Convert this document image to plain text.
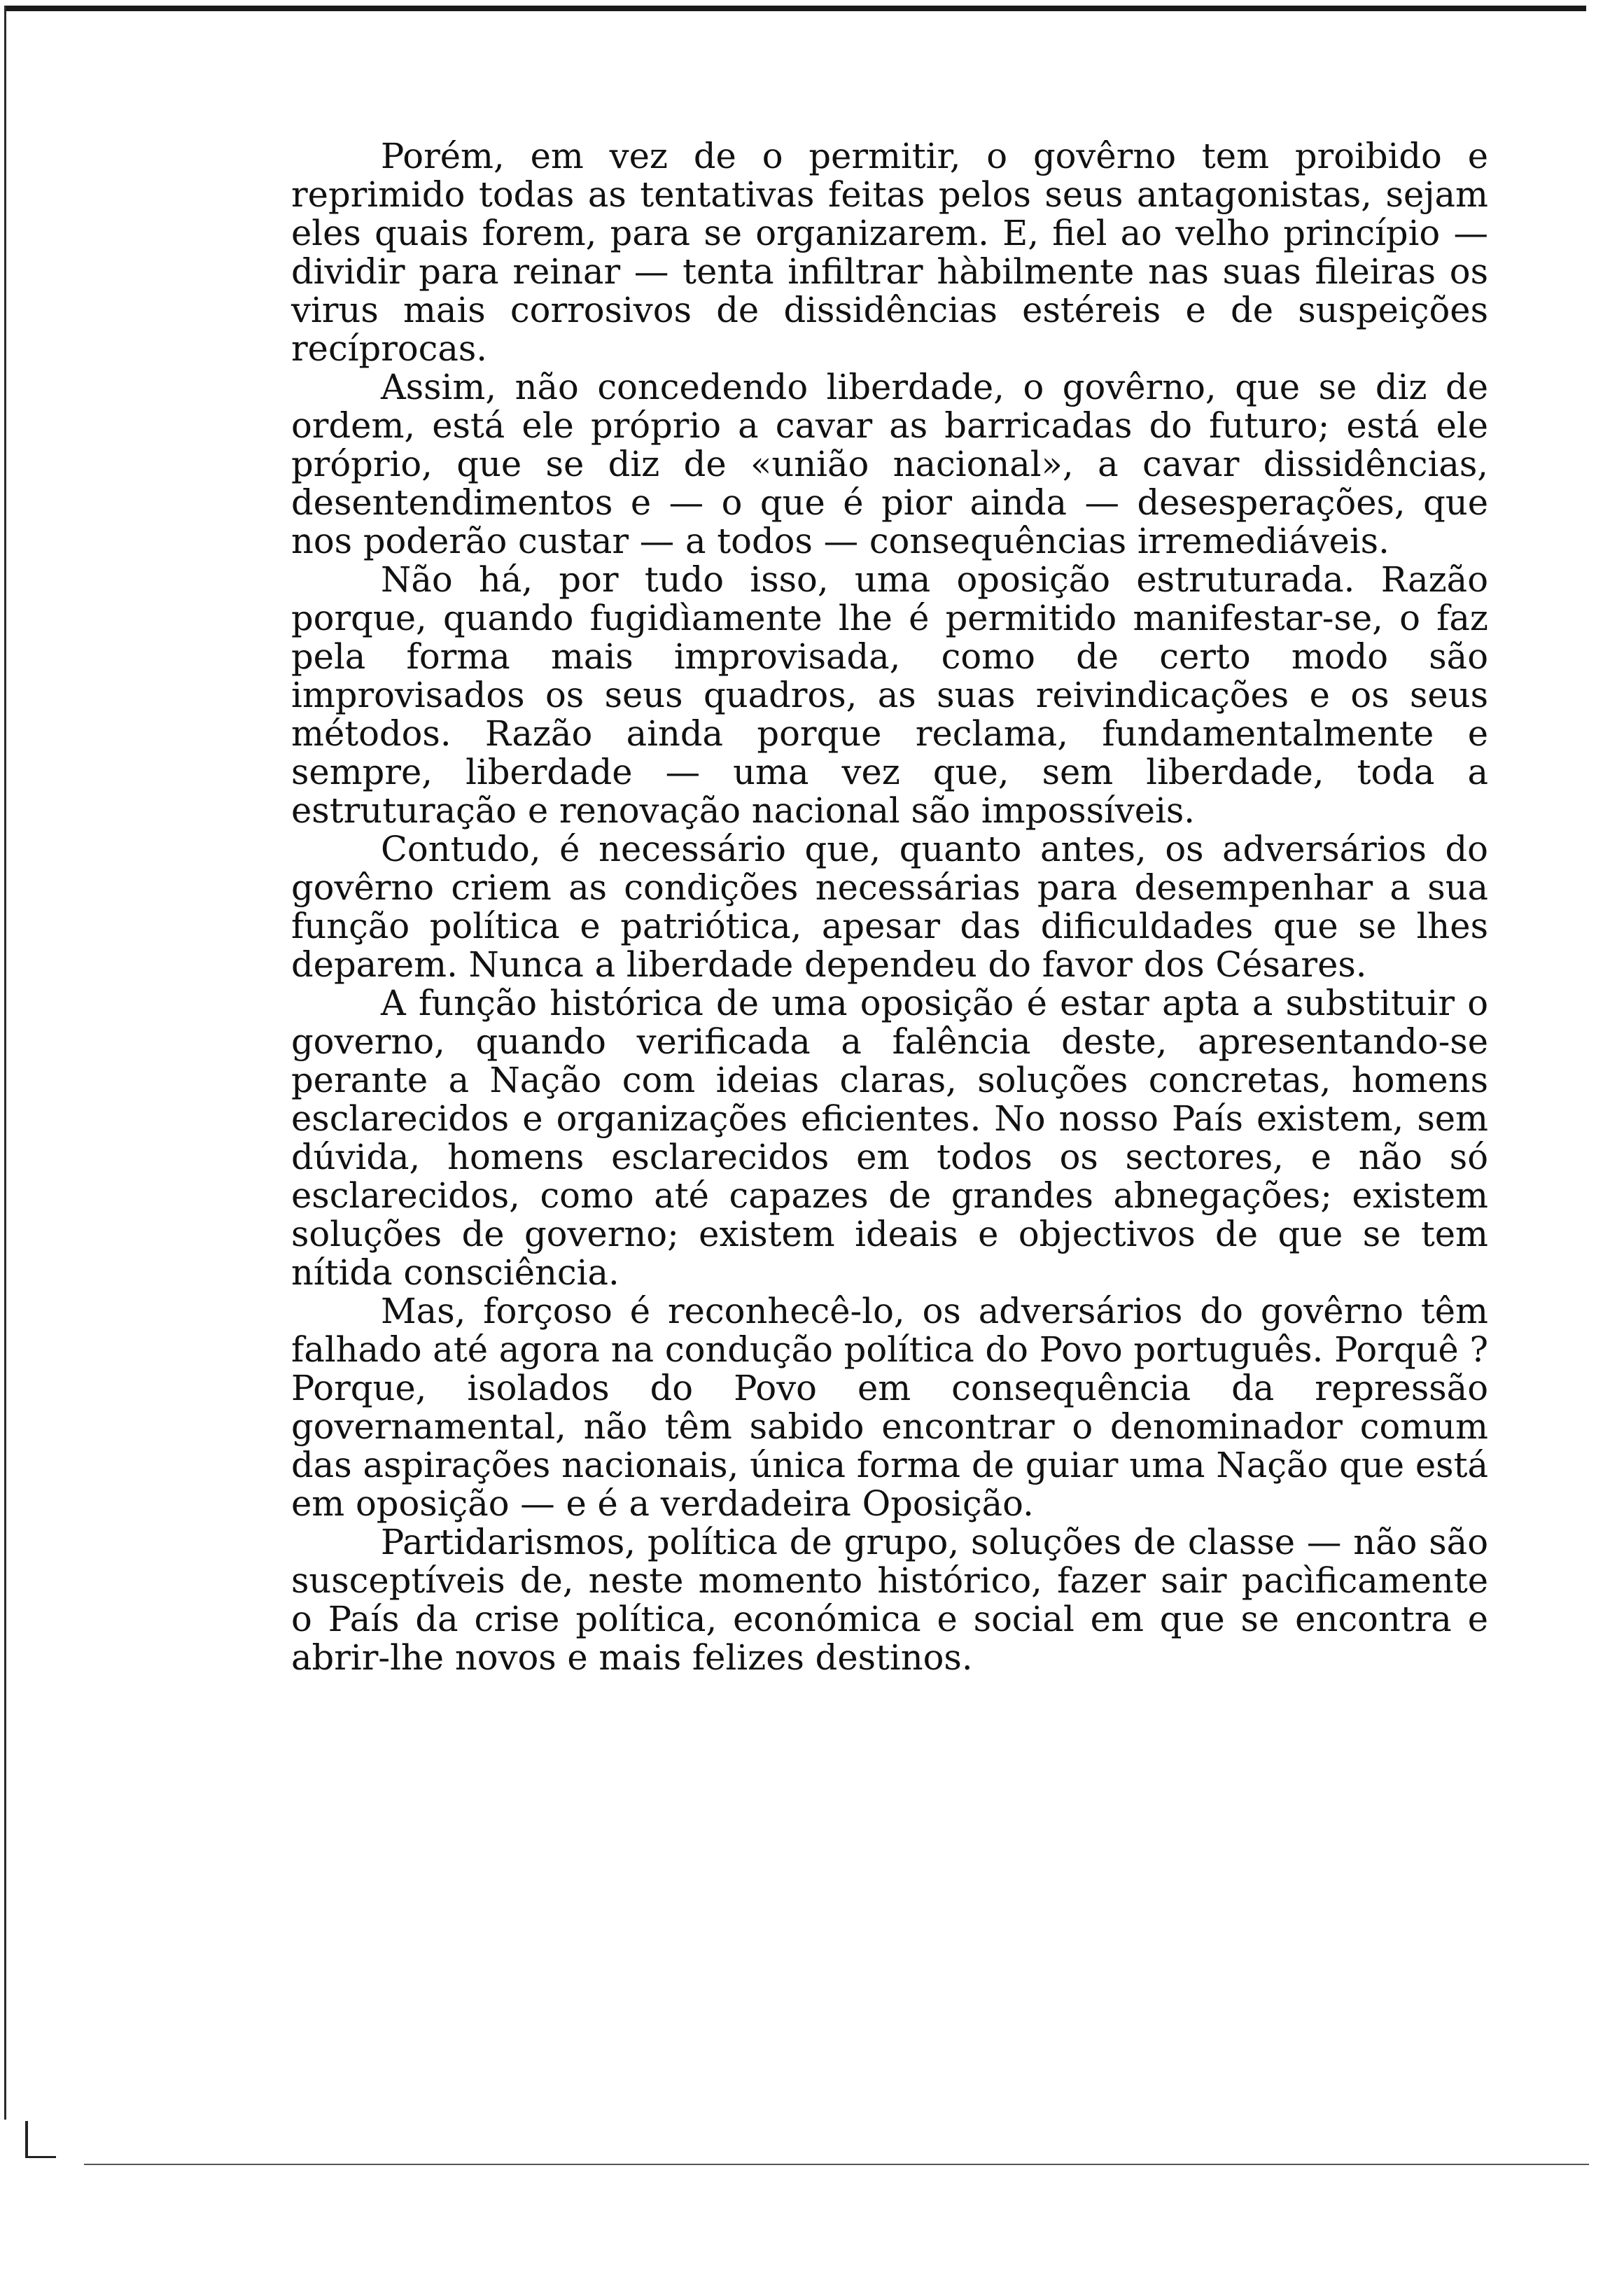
Porém, em vez de o permitir, o govêrno tem proibido e reprimido todas as tentativas feitas pelos seus antagonistas, sejam eles quais forem, para se organizarem. E, fiel ao velho princípio — dividir para reinar — tenta infiltrar hàbilmente nas suas fileiras os virus mais corrosivos de dissidências estéreis e de suspeições recíprocas.

Assim, não concedendo liberdade, o govêrno, que se diz de ordem, está ele próprio a cavar as barricadas do futuro; está ele próprio, que se diz de «união nacional», a cavar dissidências, desentendimentos e — o que é pior ainda — desesperações, que nos poderão custar — a todos — consequências irremediáveis.

Não há, por tudo isso, uma oposição estruturada. Razão porque, quando fugidìamente lhe é permitido manifestar-se, o faz pela forma mais improvisada, como de certo modo são improvisados os seus quadros, as suas reivindicações e os seus métodos. Razão ainda porque reclama, fundamentalmente e sempre, liberdade — uma vez que, sem liberdade, toda a estruturação e renovação nacional são impossíveis.

Contudo, é necessário que, quanto antes, os adversários do govêrno criem as condições necessárias para desempenhar a sua função política e patriótica, apesar das dificuldades que se lhes deparem. Nunca a liberdade dependeu do favor dos Césares.

A função histórica de uma oposição é estar apta a substituir o governo, quando verificada a falência deste, apresentando-se perante a Nação com ideias claras, soluções concretas, homens esclarecidos e organizações eficientes. No nosso País existem, sem dúvida, homens esclarecidos em todos os sectores, e não só esclarecidos, como até capazes de grandes abnegações; existem soluções de governo; existem ideais e objectivos de que se tem nítida consciência.

Mas, forçoso é reconhecê-lo, os adversários do govêrno têm falhado até agora na condução política do Povo português. Porquê ? Porque, isolados do Povo em consequência da repressão governamental, não têm sabido encontrar o denominador comum das aspirações nacionais, única forma de guiar uma Nação que está em oposição — e é a verdadeira Oposição.

Partidarismos, política de grupo, soluções de classe — não são susceptíveis de, neste momento histórico, fazer sair pacìficamente o País da crise política, económica e social em que se encontra e abrir-lhe novos e mais felizes destinos.
